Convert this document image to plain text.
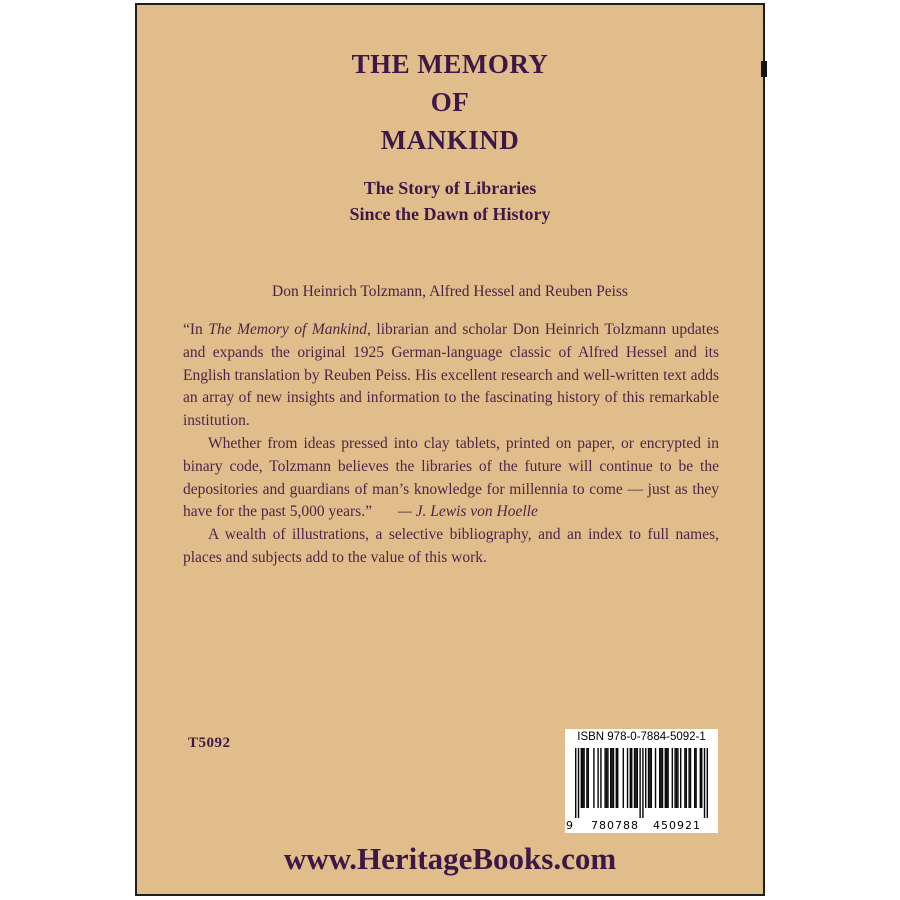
THE MEMORY
OF
MANKIND
The Story of Libraries
Since the Dawn of History
Don Heinrich Tolzmann, Alfred Hessel and Reuben Peiss

“In The Memory of Mankind, librarian and scholar Don Heinrich Tolzmann updates and expands the original 1925 German-language classic of Alfred Hessel and its English translation by Reuben Peiss. His excellent research and well-written text adds an array of new insights and information to the fascinating history of this remarkable institution.

Whether from ideas pressed into clay tablets, printed on paper, or encrypted in binary code, Tolzmann believes the libraries of the future will continue to be the depositories and guardians of man’s knowledge for millennia to come — just as they have for the past 5,000 years.” — J. Lewis von Hoelle

A wealth of illustrations, a selective bibliography, and an index to full names, places and subjects add to the value of this work.

T5092	ISBN 978-0-7884-5092-1
9	780788	450921
www.HeritageBooks.com
